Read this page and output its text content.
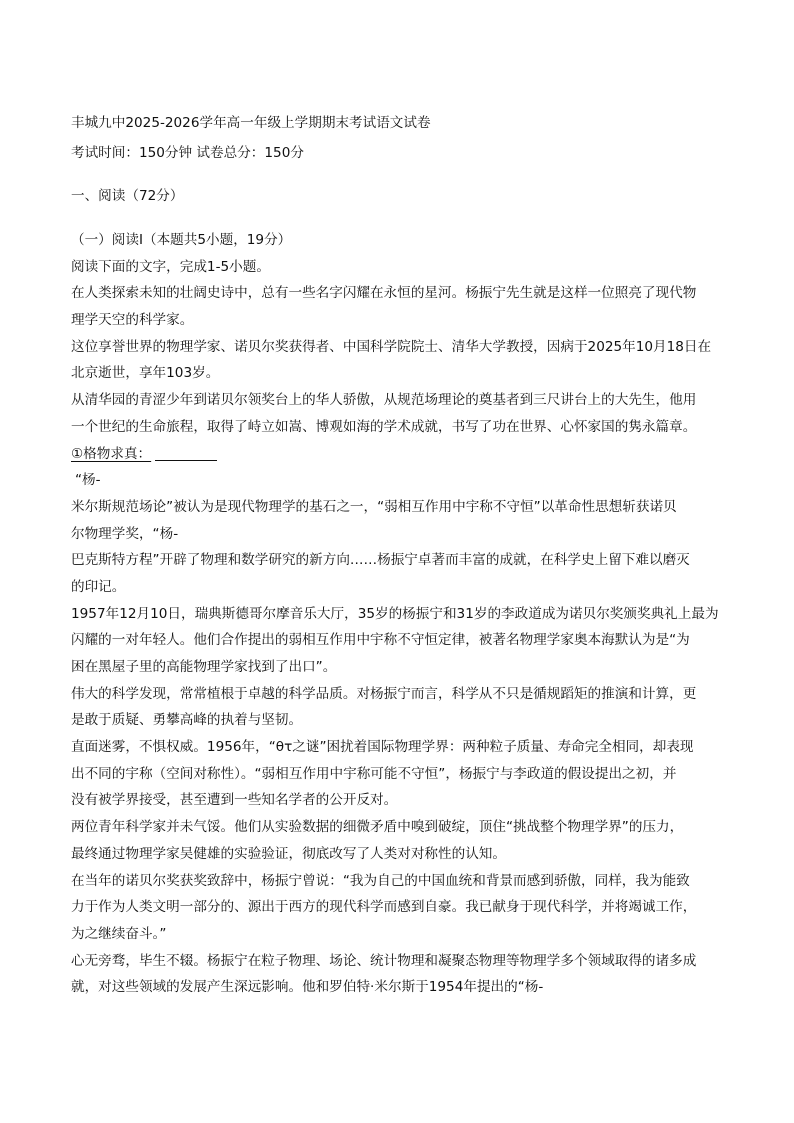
丰城九中2025-2026学年高一年级上学期期末考试语文试卷

考试时间：150分钟 试卷总分：150分

一、阅读（72分）

（一）阅读I（本题共5小题，19分）

阅读下面的文字，完成1-5小题。

在人类探索未知的壮阔史诗中，总有一些名字闪耀在永恒的星河。杨振宁先生就是这样一位照亮了现代物

理学天空的科学家。

这位享誉世界的物理学家、诺贝尔奖获得者、中国科学院院士、清华大学教授，因病于2025年10月18日在

北京逝世，享年103岁。

从清华园的青涩少年到诺贝尔领奖台上的华人骄傲，从规范场理论的奠基者到三尺讲台上的大先生，他用

一个世纪的生命旅程，取得了峙立如嵩、博观如海的学术成就，书写了功在世界、心怀家国的隽永篇章。

①格物求真：

“杨-

米尔斯规范场论”被认为是现代物理学的基石之一，“弱相互作用中宇称不守恒”以革命性思想斩获诺贝

尔物理学奖，“杨-

巴克斯特方程”开辟了物理和数学研究的新方向……杨振宁卓著而丰富的成就，在科学史上留下难以磨灭

的印记。

1957年12月10日，瑞典斯德哥尔摩音乐大厅，35岁的杨振宁和31岁的李政道成为诺贝尔奖颁奖典礼上最为

闪耀的一对年轻人。他们合作提出的弱相互作用中宇称不守恒定律，被著名物理学家奥本海默认为是“为

困在黑屋子里的高能物理学家找到了出口”。

伟大的科学发现，常常植根于卓越的科学品质。对杨振宁而言，科学从不只是循规蹈矩的推演和计算，更

是敢于质疑、勇攀高峰的执着与坚韧。

直面迷雾，不惧权威。1956年，“θτ之谜”困扰着国际物理学界：两种粒子质量、寿命完全相同，却表现

出不同的宇称（空间对称性）。“弱相互作用中宇称可能不守恒”，杨振宁与李政道的假设提出之初，并

没有被学界接受，甚至遭到一些知名学者的公开反对。

两位青年科学家并未气馁。他们从实验数据的细微矛盾中嗅到破绽，顶住“挑战整个物理学界”的压力，

最终通过物理学家吴健雄的实验验证，彻底改写了人类对对称性的认知。

在当年的诺贝尔奖获奖致辞中，杨振宁曾说：“我为自己的中国血统和背景而感到骄傲，同样，我为能致

力于作为人类文明一部分的、源出于西方的现代科学而感到自豪。我已献身于现代科学，并将竭诚工作，

为之继续奋斗。”

心无旁骛，毕生不辍。杨振宁在粒子物理、场论、统计物理和凝聚态物理等物理学多个领域取得的诸多成

就，对这些领域的发展产生深远影响。他和罗伯特·米尔斯于1954年提出的“杨-
